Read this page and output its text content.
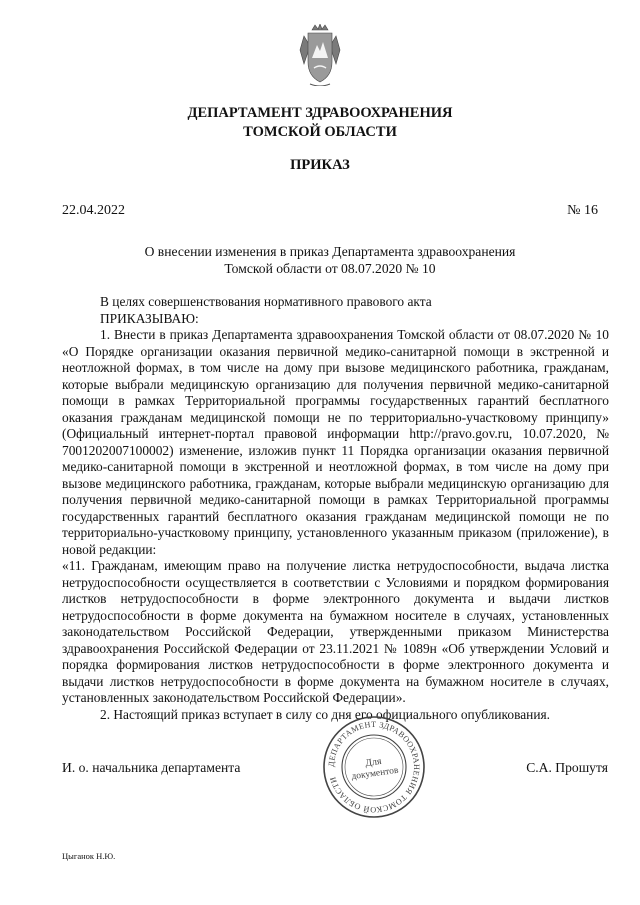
ДЕПАРТАМЕНТ ЗДРАВООХРАНЕНИЯ
ТОМСКОЙ ОБЛАСТИ
ПРИКАЗ
22.04.2022	№ 16
О внесении изменения в приказ Департамента здравоохранения
Томской области от 08.07.2020 № 10

В целях совершенствования нормативного правового акта

ПРИКАЗЫВАЮ:

1. Внести в приказ Департамента здравоохранения Томской области от 08.07.2020 № 10 «О Порядке организации оказания первичной медико-санитарной помощи в экстренной и неотложной формах, в том числе на дому при вызове медицинского работника, гражданам, которые выбрали медицинскую организацию для получения первичной медико-санитарной помощи в рамках Территориальной программы государственных гарантий бесплатного оказания гражданам медицинской помощи не по территориально-участковому принципу» (Официальный интернет-портал правовой информации http://pravo.gov.ru, 10.07.2020, № 7001202007100002) изменение, изложив пункт 11 Порядка организации оказания первичной медико-санитарной помощи в экстренной и неотложной формах, в том числе на дому при вызове медицинского работника, гражданам, которые выбрали медицинскую организацию для получения первичной медико-санитарной помощи в рамках Территориальной программы государственных гарантий бесплатного оказания гражданам медицинской помощи не по территориально-участковому принципу, установленного указанным приказом (приложение), в новой редакции:

«11. Гражданам, имеющим право на получение листка нетрудоспособности, выдача листка нетрудоспособности осуществляется в соответствии с Условиями и порядком формирования листков нетрудоспособности в форме электронного документа и выдачи листков нетрудоспособности в форме документа на бумажном носителе в случаях, установленных законодательством Российской Федерации, утвержденными приказом Министерства здравоохранения Российской Федерации от 23.11.2021 № 1089н «Об утверждении Условий и порядка формирования листков нетрудоспособности в форме электронного документа и выдачи листков нетрудоспособности в форме документа на бумажном носителе в случаях, установленных законодательством Российской Федерации».

2. Настоящий приказ вступает в силу со дня его официального опубликования.

И. о. начальника департамента	С.А. Прошутя
ДЕПАРТАМЕНТ ЗДРАВООХРАНЕНИЯ ТОМСКОЙ ОБЛАСТИ
Для
документов
Цыганок Н.Ю.
